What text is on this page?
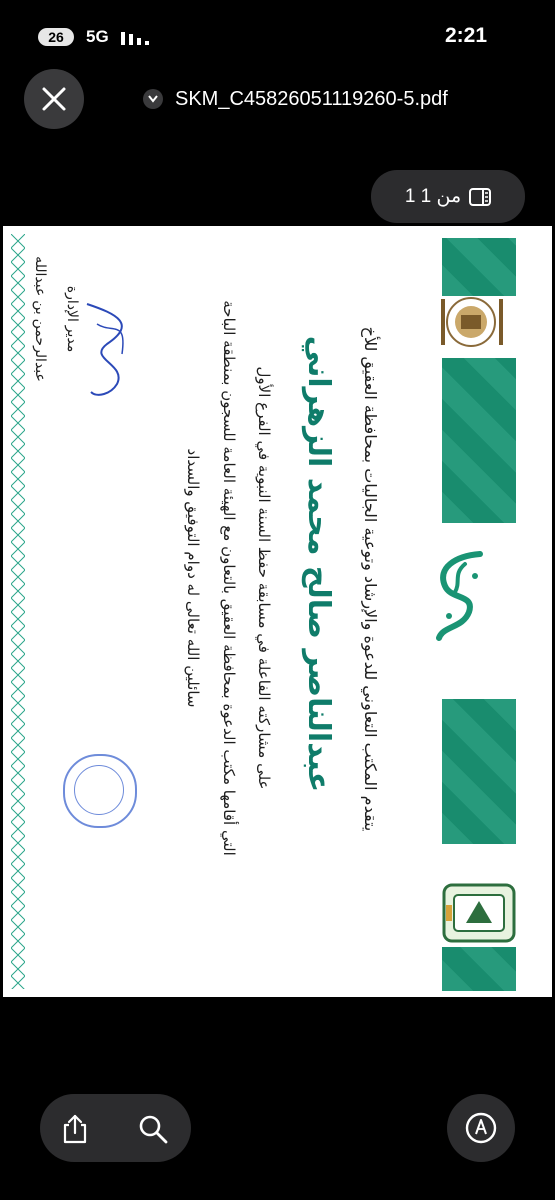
26	5G	2:21
SKM_C45826051119260-5.pdf
1 من 1
يتقدم المكتب التعاوني للدعوة والإرشاد وتوعية الجاليات بمحافظة العقيق للأخ
عبدالناصر صالح محمد الزهراني
على مشاركته الفاعلة في مسابقة حفظ السنة النبوية في الفرع الأول
التي أقامها مكتب الدعوة بمحافظة العقيق بالتعاون مع الهيئة العامة للسجون بمنطقة الباحة
سائلين الله تعالى له دوام التوفيق والسداد
مدير الإدارة
عبدالرحمن بن عبدالله
